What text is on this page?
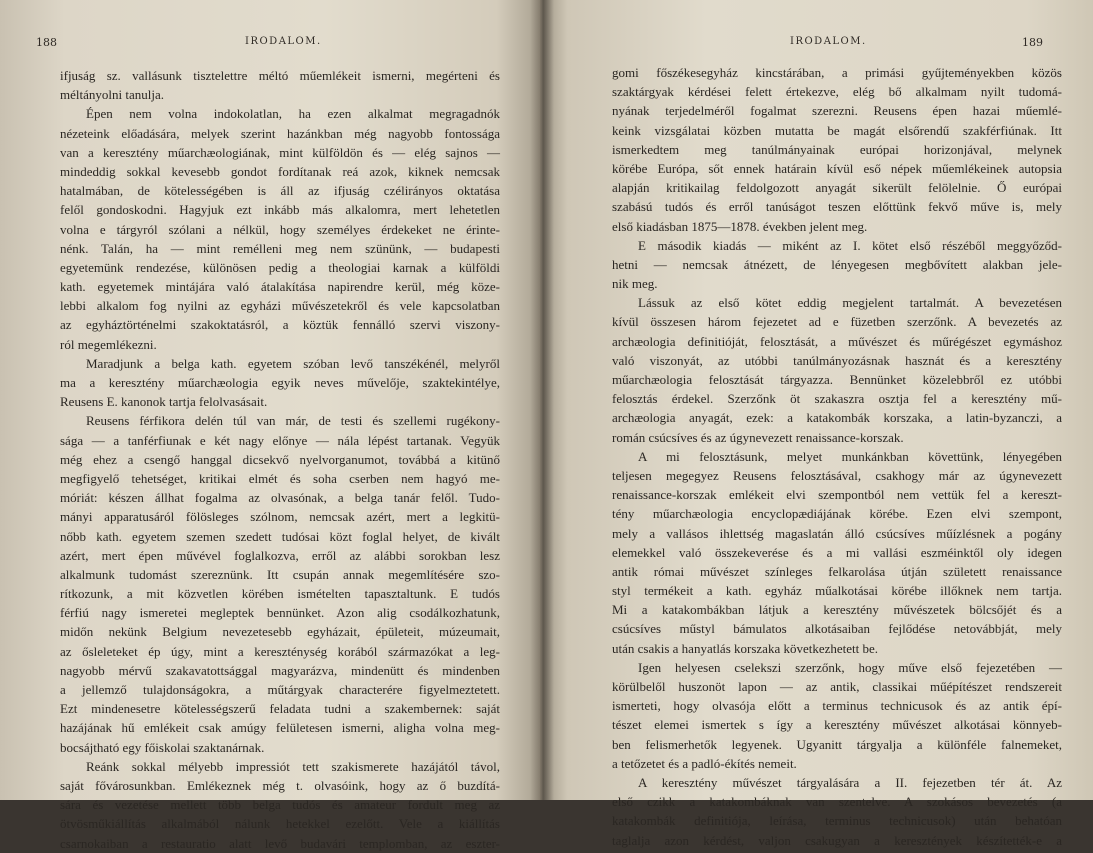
188	IRODALOM.
ifjuság sz. vallásunk tisztelettre méltó műemlékeit ismerni, megérteni és
méltányolni tanulja.
Épen nem volna indokolatlan, ha ezen alkalmat megragadnók
nézeteink előadására, melyek szerint hazánkban még nagyobb fontossága
van a keresztény műarchæologiának, mint külföldön és — elég sajnos —
mindeddig sokkal kevesebb gondot fordítanak reá azok, kiknek nemcsak
hatalmában, de kötelességében is áll az ifjuság czélirányos oktatása
felől gondoskodni. Hagyjuk ezt inkább más alkalomra, mert lehetetlen
volna e tárgyról szólani a nélkül, hogy személyes érdekeket ne érinte-
nénk. Talán, ha — mint remélleni meg nem szününk, — budapesti
egyetemünk rendezése, különösen pedig a theologiai karnak a külföldi
kath. egyetemek mintájára való átalakítása napirendre kerül, még köze-
lebbi alkalom fog nyilni az egyházi művészetekről és vele kapcsolatban
az egyháztörténelmi szakoktatásról, a köztük fennálló szervi viszony-
ról megemlékezni.
Maradjunk a belga kath. egyetem szóban levő tanszékénél, melyről
ma a keresztény műarchæologia egyik neves művelője, szaktekintélye,
Reusens E. kanonok tartja felolvasásait.
Reusens férfikora delén túl van már, de testi és szellemi rugékony-
sága — a tanférfiunak e két nagy előnye — nála lépést tartanak. Vegyük
még ehez a csengő hanggal dicsekvő nyelvorganumot, továbbá a kitünő
megfigyelő tehetséget, kritikai elmét és soha cserben nem hagyó me-
móriát: készen állhat fogalma az olvasónak, a belga tanár felől. Tudo-
mányi apparatusáról fölösleges szólnom, nemcsak azért, mert a legkitü-
nőbb kath. egyetem szemen szedett tudósai közt foglal helyet, de kivált
azért, mert épen művével foglalkozva, erről az alábbi sorokban lesz
alkalmunk tudomást szereznünk. Itt csupán annak megemlítésére szo-
rítkozunk, a mit közvetlen körében ismételten tapasztaltunk. E tudós
férfiú nagy ismeretei megleptek bennünket. Azon alig csodálkozhatunk,
midőn nekünk Belgium nevezetesebb egyházait, épületeit, múzeumait,
az ősleleteket ép úgy, mint a kereszténység korából származókat a leg-
nagyobb mérvű szakavatottsággal magyarázva, mindenütt és mindenben
a jellemző tulajdonságokra, a műtárgyak characterére figyelmeztetett.
Ezt mindenesetre kötelességszerű feladata tudni a szakembernek: saját
hazájának hű emlékeit csak amúgy felületesen ismerni, aligha volna meg-
bocsájtható egy főiskolai szaktanárnak.
Reánk sokkal mélyebb impressiót tett szakismerete hazájától távol,
saját fővárosunkban. Emlékeznek még t. olvasóink, hogy az ő buzdítá-
sára és vezetése mellett több belga tudós és amateur fordult meg az
ötvösműkiállítás alkalmából nálunk hetekkel ezelőtt. Vele a kiállítás
csarnokaiban a restauratio alatt levő budavári templomban, az eszter-
IRODALOM.	189
gomi főszékesegyház kincstárában, a primási gyűjteményekben közös
szaktárgyak kérdései felett értekezve, elég bő alkalmam nyilt tudomá-
nyának terjedelméről fogalmat szerezni. Reusens épen hazai műemlé-
keink vizsgálatai közben mutatta be magát elsőrendű szakférfiúnak. Itt
ismerkedtem meg tanúlmányainak európai horizonjával, melynek
körébe Európa, sőt ennek határain kívül eső népek műemlékeinek autopsia
alapján kritikailag feldolgozott anyagát sikerült felölelnie. Ő európai
szabású tudós és erről tanúságot teszen előttünk fekvő műve is, mely
első kiadásban 1875—1878. években jelent meg.
E második kiadás — miként az I. kötet első részéből meggyőződ-
hetni — nemcsak átnézett, de lényegesen megbővített alakban jele-
nik meg.
Lássuk az első kötet eddig megjelent tartalmát. A bevezetésen
kívül összesen három fejezetet ad e füzetben szerzőnk. A bevezetés az
archæologia definitióját, felosztását, a művészet és műrégészet egymáshoz
való viszonyát, az utóbbi tanúlmányozásnak hasznát és a keresztény
műarchæologia felosztását tárgyazza. Bennünket közelebbről ez utóbbi
felosztás érdekel. Szerzőnk öt szakaszra osztja fel a keresztény mű-
archæologia anyagát, ezek: a katakombák korszaka, a latin-byzanczi, a
román csúcsíves és az úgynevezett renaissance-korszak.
A mi felosztásunk, melyet munkánkban követtünk, lényegében
teljesen megegyez Reusens felosztásával, csakhogy már az úgynevezett
renaissance-korszak emlékeit elvi szempontból nem vettük fel a kereszt-
tény műarchæologia encyclopædiájának körébe. Ezen elvi szempont,
mely a vallásos ihlettség magaslatán álló csúcsíves műízlésnek a pogány
elemekkel való összekeverése és a mi vallási eszméinktől oly idegen
antik római művészet színleges felkarolása útján született renaissance
styl termékeit a kath. egyház műalkotásai körébe illőknek nem tartja.
Mi a katakombákban látjuk a keresztény művészetek bölcsőjét és a
csúcsíves műstyl bámulatos alkotásaiban fejlődése netovábbját, mely
után csakis a hanyatlás korszaka következhetett be.
Igen helyesen cselekszi szerzőnk, hogy műve első fejezetében —
körülbelől huszonöt lapon — az antik, classikai műépítészet rendszereit
ismerteti, hogy olvasója előtt a terminus technicusok és az antik épí-
tészet elemei ismertek s így a keresztény művészet alkotásai könnyeb-
ben felismerhetők legyenek. Ugyanitt tárgyalja a különféle falnemeket,
a tetőzetet és a padló-ékítés nemeit.
A keresztény művészet tárgyalására a II. fejezetben tér át. Az
első czikk a katakombáknak van szentelve. A szokásos bevezetés (a
katakombák definitiója, leírása, terminus technicusok) után behatóan
taglalja azon kérdést, valjon csakugyan a keresztények készítették-e a
